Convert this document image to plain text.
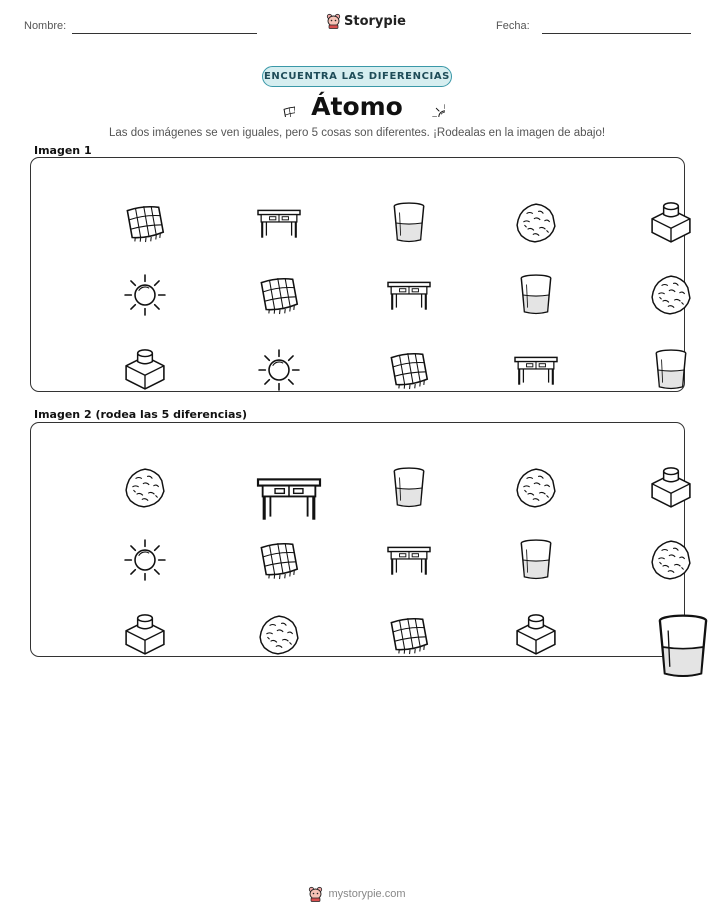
Nombre:	Storypie	Fecha:
ENCUENTRA LAS DIFERENCIAS
Átomo
Las dos imágenes se ven iguales, pero 5 cosas son diferentes. ¡Rodealas en la imagen de abajo!
Imagen 1
Imagen 2 (rodea las 5 diferencias)
mystorypie.com
